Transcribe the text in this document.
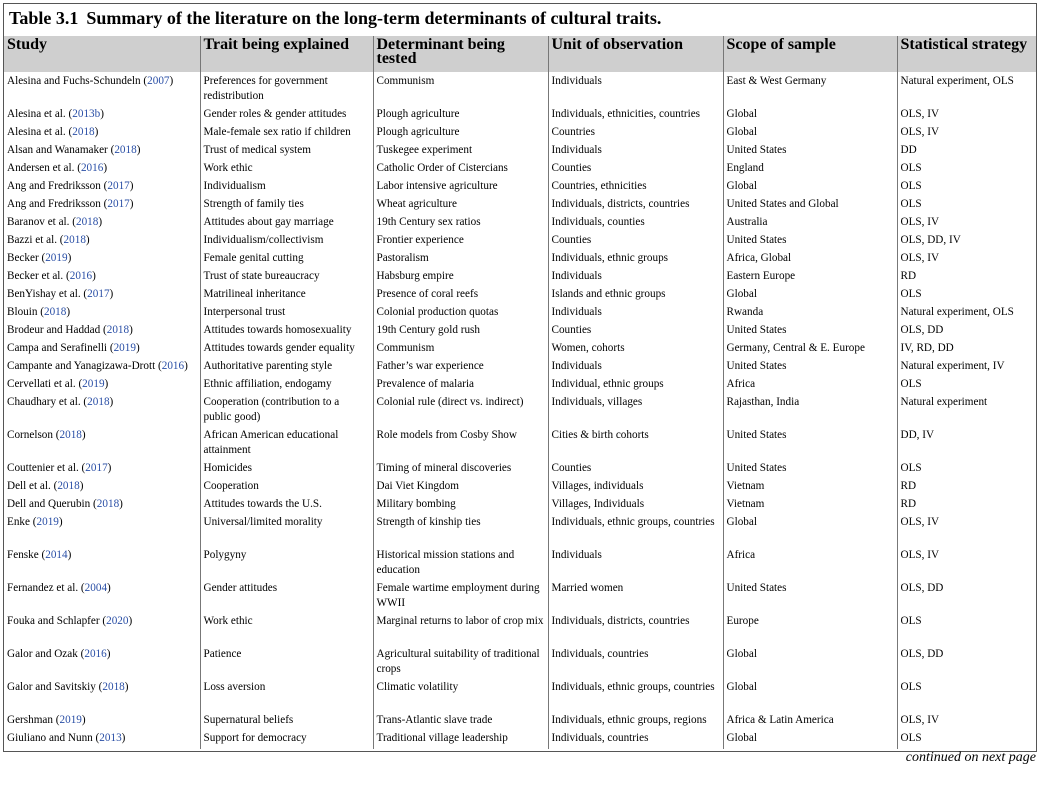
Table 3.1 Summary of the literature on the long-term determinants of cultural traits.
Study	Trait being explained	Determinant being tested	Unit of observation	Scope of sample	Statistical strategy
Alesina and Fuchs-Schundeln (2007)	Preferences for government redistribution	Communism	Individuals	East & West Germany	Natural experiment, OLS
Alesina et al. (2013b)	Gender roles & gender attitudes	Plough agriculture	Individuals, ethnicities, countries	Global	OLS, IV
Alesina et al. (2018)	Male-female sex ratio if children	Plough agriculture	Countries	Global	OLS, IV
Alsan and Wanamaker (2018)	Trust of medical system	Tuskegee experiment	Individuals	United States	DD
Andersen et al. (2016)	Work ethic	Catholic Order of Cistercians	Counties	England	OLS
Ang and Fredriksson (2017)	Individualism	Labor intensive agriculture	Countries, ethnicities	Global	OLS
Ang and Fredriksson (2017)	Strength of family ties	Wheat agriculture	Individuals, districts, countries	United States and Global	OLS
Baranov et al. (2018)	Attitudes about gay marriage	19th Century sex ratios	Individuals, counties	Australia	OLS, IV
Bazzi et al. (2018)	Individualism/collectivism	Frontier experience	Counties	United States	OLS, DD, IV
Becker (2019)	Female genital cutting	Pastoralism	Individuals, ethnic groups	Africa, Global	OLS, IV
Becker et al. (2016)	Trust of state bureaucracy	Habsburg empire	Individuals	Eastern Europe	RD
BenYishay et al. (2017)	Matrilineal inheritance	Presence of coral reefs	Islands and ethnic groups	Global	OLS
Blouin (2018)	Interpersonal trust	Colonial production quotas	Individuals	Rwanda	Natural experiment, OLS
Brodeur and Haddad (2018)	Attitudes towards homosexuality	19th Century gold rush	Counties	United States	OLS, DD
Campa and Serafinelli (2019)	Attitudes towards gender equality	Communism	Women, cohorts	Germany, Central & E. Europe	IV, RD, DD
Campante and Yanagizawa-Drott (2016)	Authoritative parenting style	Father’s war experience	Individuals	United States	Natural experiment, IV
Cervellati et al. (2019)	Ethnic affiliation, endogamy	Prevalence of malaria	Individual, ethnic groups	Africa	OLS
Chaudhary et al. (2018)	Cooperation (contribution to a public good)	Colonial rule (direct vs. indirect)	Individuals, villages	Rajasthan, India	Natural experiment
Cornelson (2018)	African American educational attainment	Role models from Cosby Show	Cities & birth cohorts	United States	DD, IV
Couttenier et al. (2017)	Homicides	Timing of mineral discoveries	Counties	United States	OLS
Dell et al. (2018)	Cooperation	Dai Viet Kingdom	Villages, individuals	Vietnam	RD
Dell and Querubin (2018)	Attitudes towards the U.S.	Military bombing	Villages, Individuals	Vietnam	RD
Enke (2019)	Universal/limited morality	Strength of kinship ties	Individuals, ethnic groups, countries	Global	OLS, IV
Fenske (2014)	Polygyny	Historical mission stations and education	Individuals	Africa	OLS, IV
Fernandez et al. (2004)	Gender attitudes	Female wartime employment during WWII	Married women	United States	OLS, DD
Fouka and Schlapfer (2020)	Work ethic	Marginal returns to labor of crop mix	Individuals, districts, countries	Europe	OLS
Galor and Ozak (2016)	Patience	Agricultural suitability of traditional crops	Individuals, countries	Global	OLS, DD
Galor and Savitskiy (2018)	Loss aversion	Climatic volatility	Individuals, ethnic groups, countries	Global	OLS
Gershman (2019)	Supernatural beliefs	Trans-Atlantic slave trade	Individuals, ethnic groups, regions	Africa & Latin America	OLS, IV
Giuliano and Nunn (2013)	Support for democracy	Traditional village leadership	Individuals, countries	Global	OLS
continued on next page
